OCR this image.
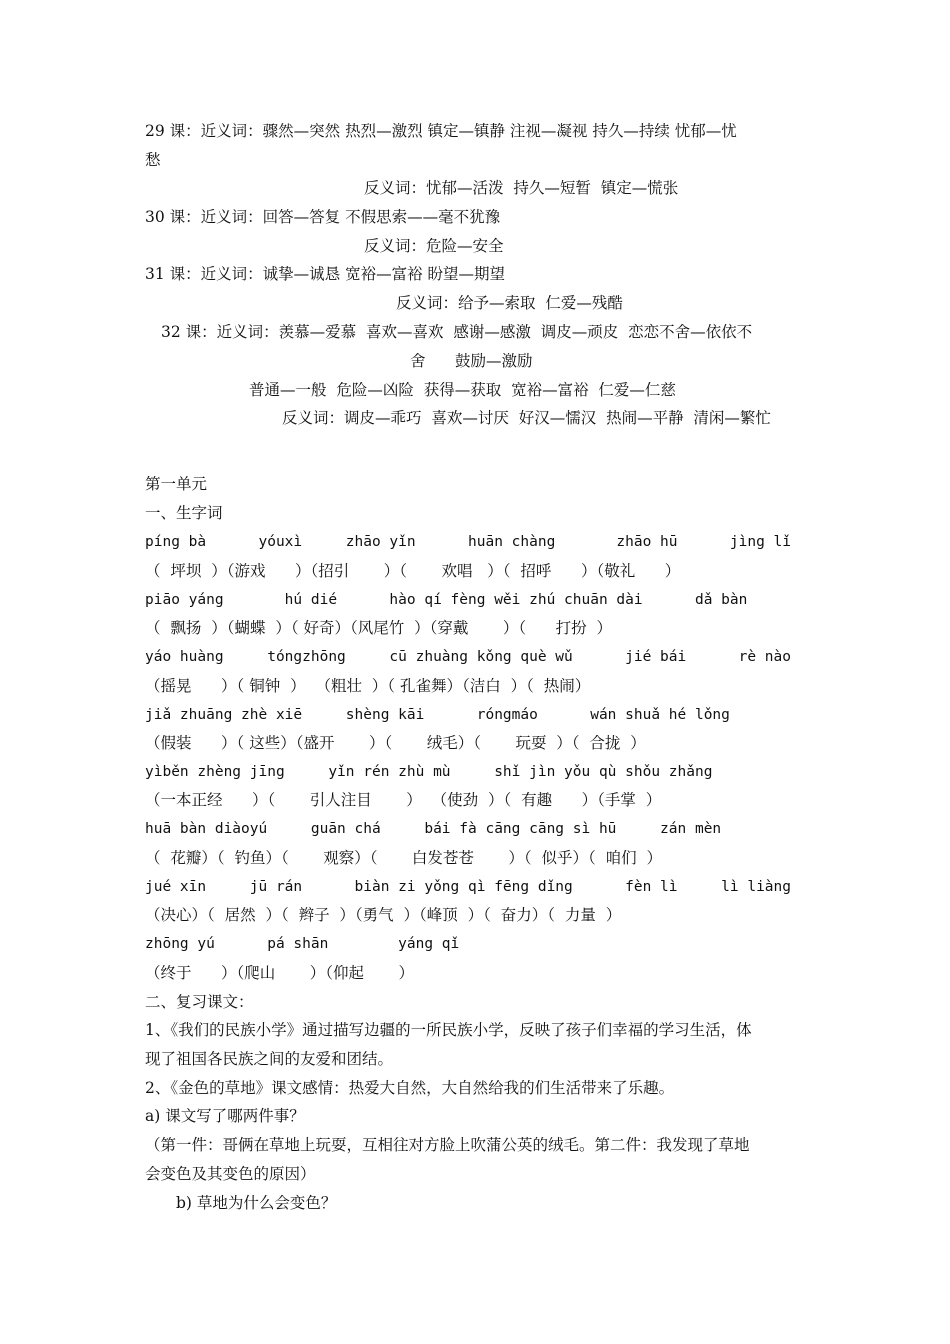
29 课：近义词：骤然—突然 热烈—激烈 镇定—镇静 注视—凝视 持久—持续 忧郁—忧
愁
反义词：忧郁—活泼  持久—短暂  镇定—慌张
30 课：近义词：回答—答复 不假思索——毫不犹豫
反义词：危险—安全
31 课：近义词：诚挚—诚恳 宽裕—富裕 盼望—期望
反义词：给予—索取  仁爱—残酷
32 课：近义词：羡慕—爱慕  喜欢—喜欢  感谢—感激  调皮—顽皮  恋恋不舍—依依不
舍      鼓励—激励
普通—一般  危险—凶险  获得—获取  宽裕—富裕  仁爱—仁慈
反义词：调皮—乖巧  喜欢—讨厌  好汉—懦汉  热闹—平静  清闲—繁忙
第一单元
一、生字词
píng bà      yóuxì     zhāo yǐn      huān chàng       zhāo hū      jìng lǐ
（  坪坝  ）（游戏      ）（招引       ）（       欢唱   ）（  招呼      ）（敬礼      ）
piāo yáng       hú dié      hào qí fèng wěi zhú chuān dài      dǎ bàn
（  飘扬  ）（蝴蝶  ）（ 好奇）（风尾竹  ）（穿戴       ）（      打扮  ）
yáo huàng     tóngzhōng     cū zhuàng kǒng què wǔ      jié bái      rè nào
（摇晃      ）（ 铜钟  ）  （粗壮  ）（ 孔雀舞）（洁白  ）（  热闹）
jiǎ zhuāng zhè xiē     shèng kāi      róngmáo      wán shuǎ hé lǒng
（假装      ）（ 这些）（盛开       ）（       绒毛）（       玩耍  ）（  合拢  ）
yìběn zhèng jīng     yǐn rén zhù mù     shǐ jìn yǒu qù shǒu zhǎng
（一本正经      ）（       引人注目       ）  （使劲  ）（  有趣      ）（手掌  ）
huā bàn diàoyú     guān chá     bái fà cāng cāng sì hū     zán mèn
（  花瓣）（  钓鱼）（       观察）（       白发苍苍       ）（  似乎）（  咱们  ）
jué xīn     jū rán      biàn zi yǒng qì fēng dǐng      fèn lì     lì liàng
（决心）（  居然  ）（  辫子  ）（勇气  ）（峰顶  ）（  奋力）（  力量  ）
zhōng yú      pá shān        yáng qǐ
（终于      ）（爬山       ）（仰起       ）
二、复习课文：
1、《我们的民族小学》通过描写边疆的一所民族小学，反映了孩子们幸福的学习生活，体
现了祖国各民族之间的友爱和团结。
2、《金色的草地》课文感情：热爱大自然，大自然给我的们生活带来了乐趣。
a) 课文写了哪两件事？
（第一件：哥俩在草地上玩耍，互相往对方脸上吹蒲公英的绒毛。第二件：我发现了草地
会变色及其变色的原因）
b) 草地为什么会变色？
